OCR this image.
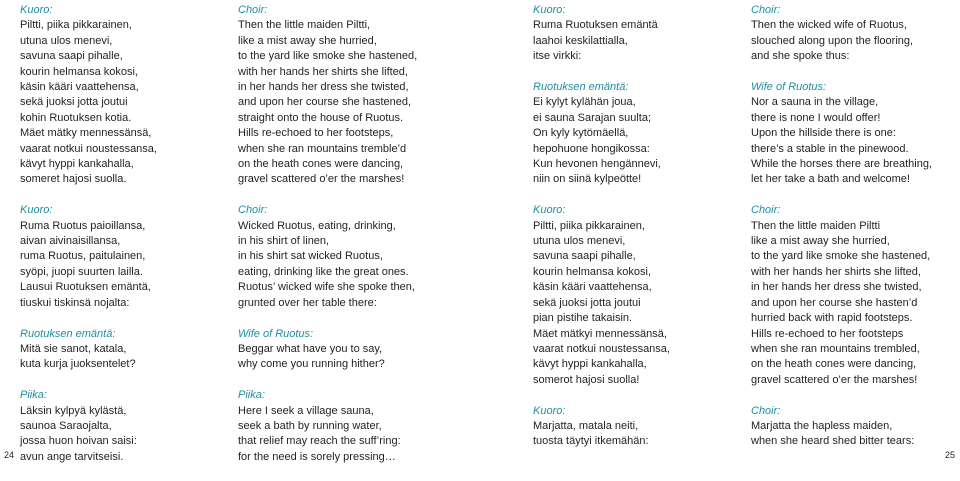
Kuoro:
Piltti, piika pikkarainen,
utuna ulos menevi,
savuna saapi pihalle,
kourin helmansa kokosi,
käsin kääri vaattehensa,
sekä juoksi jotta joutui
kohin Ruotuksen kotia.
Mäet mätky mennessänsä,
vaarat notkui noustessansa,
kävyt hyppi kankahalla,
someret hajosi suolla.
Kuoro:
Ruma Ruotus paioillansa,
aivan aivinaisillansa,
ruma Ruotus, paitulainen,
syöpi, juopi suurten lailla.
Lausui Ruotuksen emäntä,
tiuskui tiskinsä nojalta:
Ruotuksen emäntä:
Mitä sie sanot, katala,
kuta kurja juoksentelet?
Piika:
Läksin kylpyä kylästä,
saunoa Saraojalta,
jossa huon hoivan saisi:
avun ange tarvitseisi.
Choir:
Then the little maiden Piltti,
like a mist away she hurried,
to the yard like smoke she hastened,
with her hands her shirts she lifted,
in her hands her dress she twisted,
and upon her course she hastened,
straight onto the house of Ruotus.
Hills re-echoed to her footsteps,
when she ran mountains tremble’d
on the heath cones were dancing,
gravel scattered o’er the marshes!
Choir:
Wicked Ruotus, eating, drinking,
in his shirt of linen,
in his shirt sat wicked Ruotus,
eating, drinking like the great ones.
Ruotus’ wicked wife she spoke then,
grunted over her table there:
Wife of Ruotus:
Beggar what have you to say,
why come you running hither?
Piika:
Here I seek a village sauna,
seek a bath by running water,
that relief may reach the suff’ring:
for the need is sorely pressing…
24
Kuoro:
Ruma Ruotuksen emäntä
laahoi keskilattialla,
itse virkki:
Ruotuksen emäntä:
Ei kylyt kylähän joua,
ei sauna Sarajan suulta;
On kyly kytömäellä,
hepohuone hongikossa:
Kun hevonen hengännevi,
niin on siinä kylpeötte!
Kuoro:
Piltti, piika pikkarainen,
utuna ulos menevi,
savuna saapi pihalle,
kourin helmansa kokosi,
käsin kääri vaattehensa,
sekä juoksi jotta joutui
pian pistihe takaisin.
Mäet mätkyi mennessänsä,
vaarat notkui noustessansa,
kävyt hyppi kankahalla,
somerot hajosi suolla!
Kuoro:
Marjatta, matala neiti,
tuosta täytyi itkemähän:
Choir:
Then the wicked wife of Ruotus,
slouched along upon the flooring,
and she spoke thus:
Wife of Ruotus:
Nor a sauna in the village,
there is none I would offer!
Upon the hillside there is one:
there’s a stable in the pinewood.
While the horses there are breathing,
let her take a bath and welcome!
Choir:
Then the little maiden Piltti
like a mist away she hurried,
to the yard like smoke she hastened,
with her hands her shirts she lifted,
in her hands her dress she twisted,
and upon her course she hasten’d
hurried back with rapid footsteps.
Hills re-echoed to her footsteps
when she ran mountains trembled,
on the heath cones were dancing,
gravel scattered o’er the marshes!
Choir:
Marjatta the hapless maiden,
when she heard shed bitter tears:
25
